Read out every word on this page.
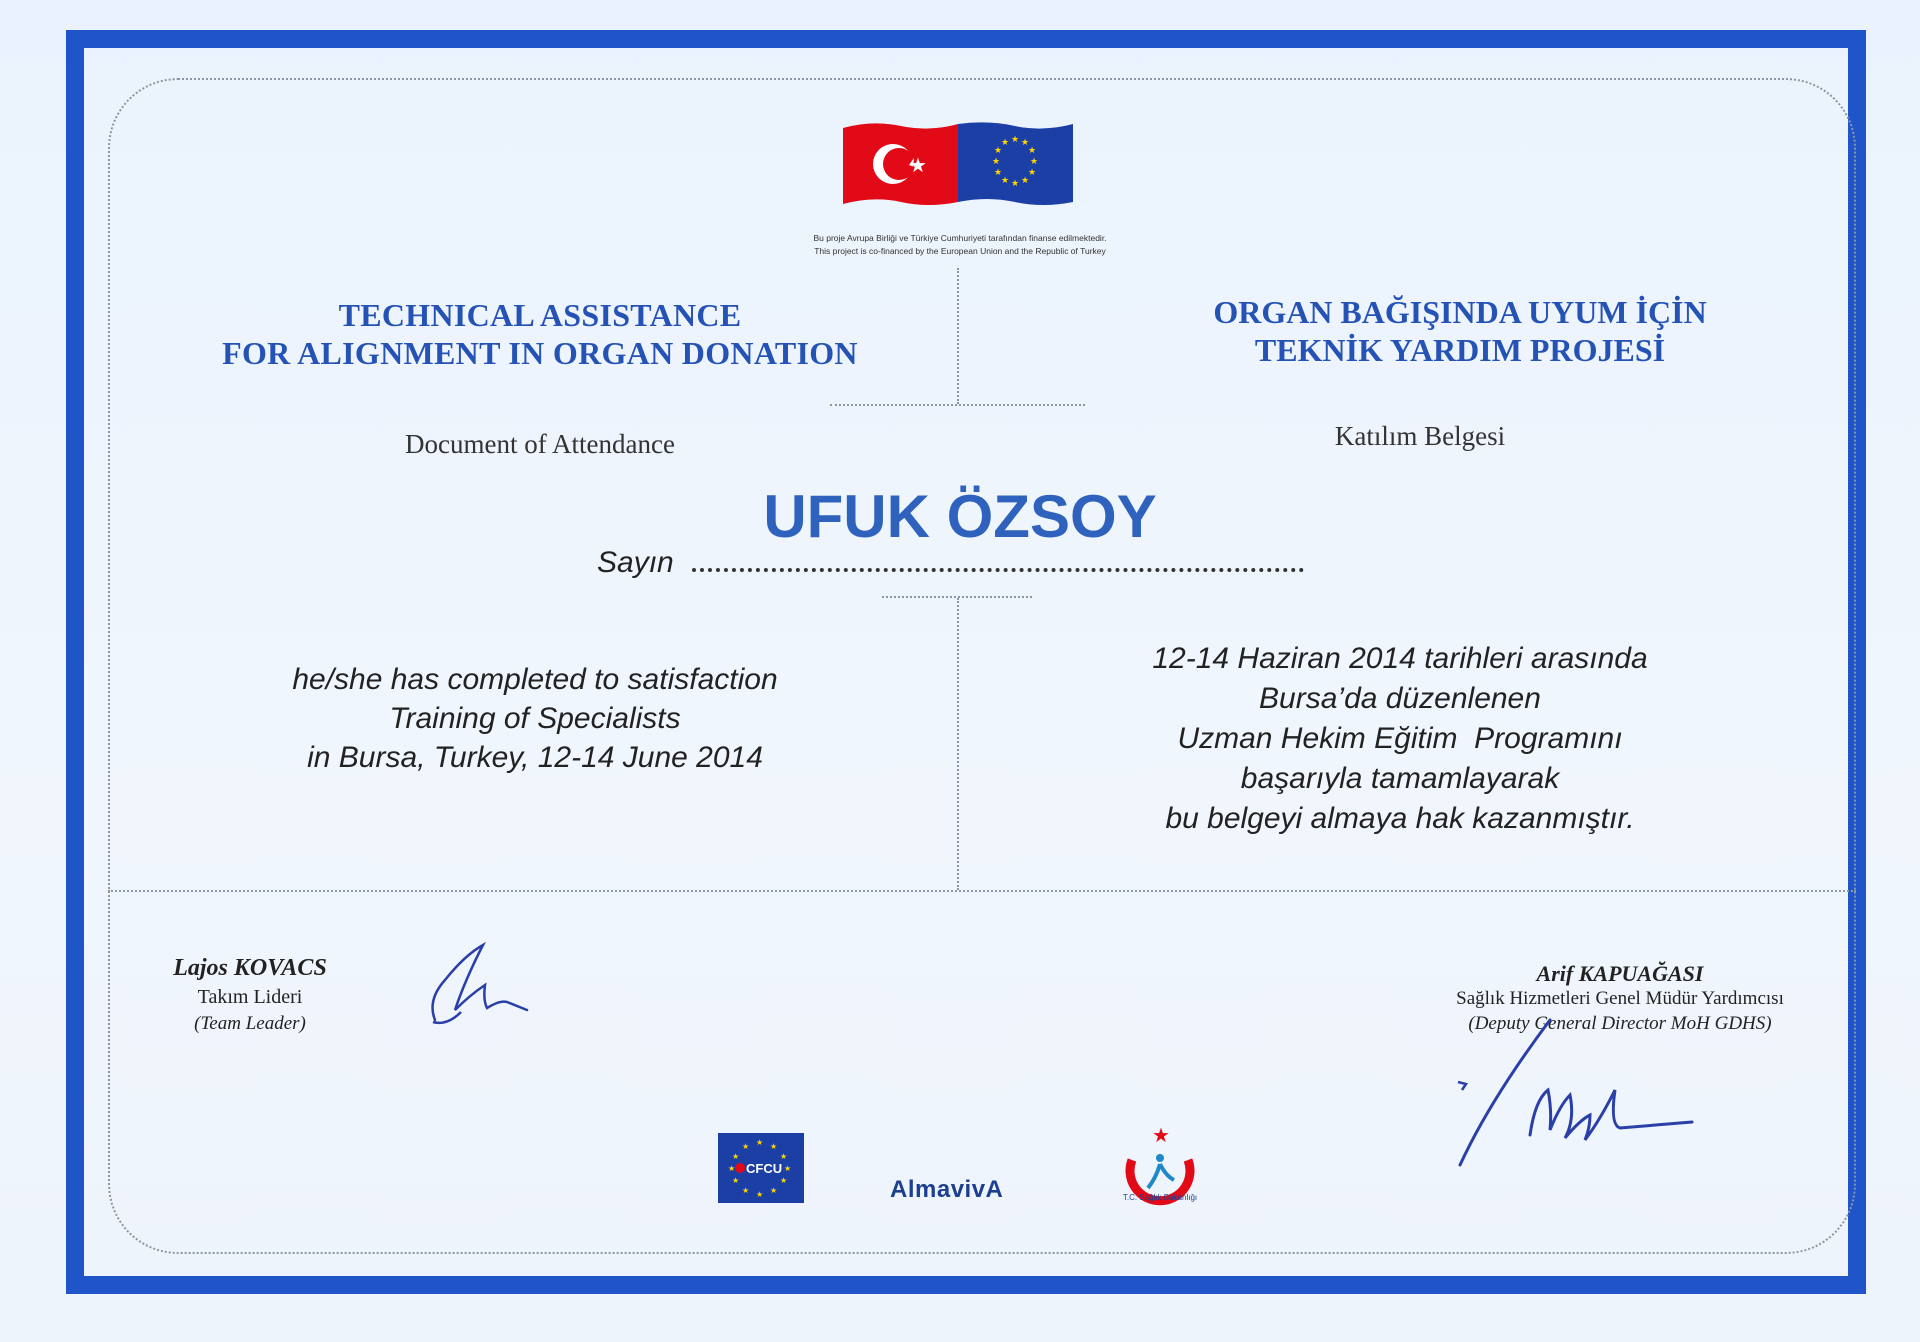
★
★ ★
★
★
★
★
★
★
★
★
★
★
Bu proje Avrupa Birliği ve Türkiye Cumhuriyeti tarafından finanse edilmektedir.
This project is co-financed by the European Union and the Republic of Turkey
TECHNICAL ASSISTANCE
FOR ALIGNMENT IN ORGAN DONATION
ORGAN BAĞIŞINDA UYUM İÇİN
TEKNİK YARDIM PROJESİ
Document of Attendance	Katılım Belgesi
UFUK ÖZSOY
Sayın
he/she has completed to satisfaction
Training of Specialists
in Bursa, Turkey, 12-14 June 2014
12-14 Haziran 2014 tarihleri arasında
Bursa’da düzenlenen
Uzman Hekim Eğitim  Programını
başarıyla tamamlayarak
bu belgeyi almaya hak kazanmıştır.
Lajos KOVACS
Takım Lideri
(Team Leader)
Arif KAPUAĞASI
Sağlık Hizmetleri Genel Müdür Yardımcısı
(Deputy General Director MoH GDHS)
★ ★
★
★
★
★
★
★
★
★
★
★
CFCU
AlmavivA
★
T.C. Sağlık Bakanlığı
